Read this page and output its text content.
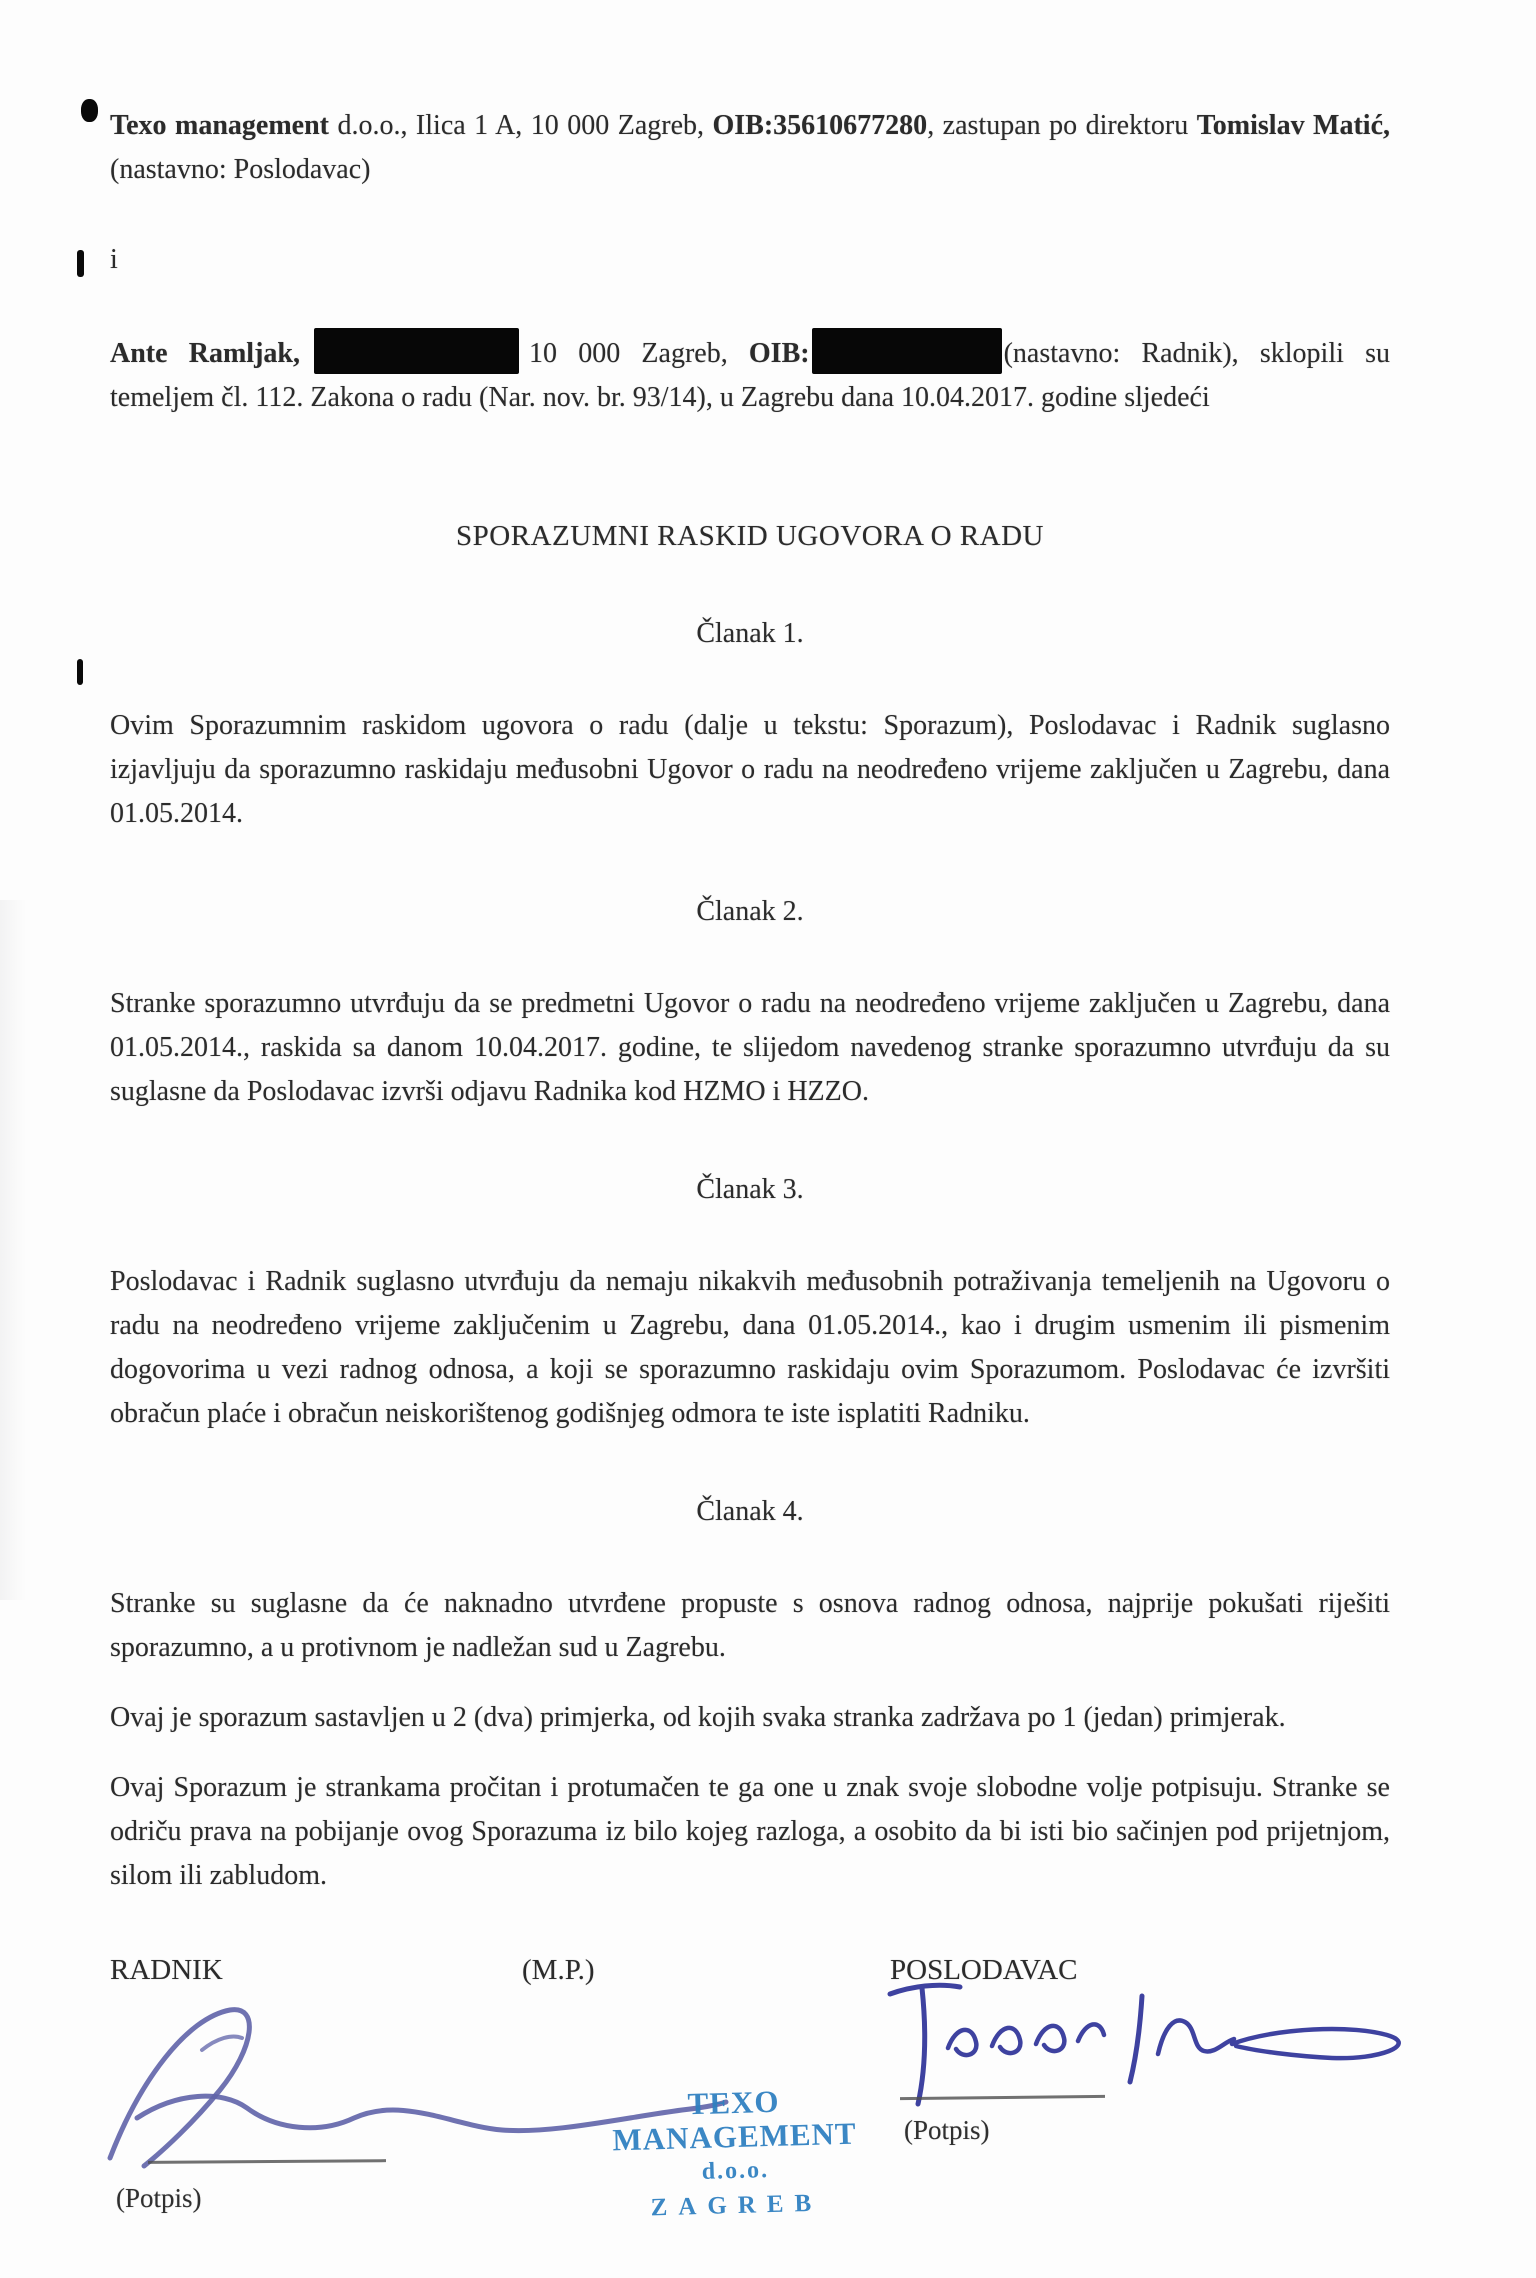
Texo management d.o.o., Ilica 1 A, 10 000 Zagreb, OIB:35610677280, zastupan po direktoru Tomislav Matić, (nastavno: Poslodavac)

i

Ante Ramljak,	10 000 Zagreb, OIB:	(nastavno: Radnik), sklopili su temeljem čl. 112. Zakona o radu (Nar. nov. br. 93/14), u Zagrebu dana 10.04.2017. godine sljedeći

SPORAZUMNI RASKID UGOVORA O RADU

Članak 1.

Ovim Sporazumnim raskidom ugovora o radu (dalje u tekstu: Sporazum), Poslodavac i Radnik suglasno izjavljuju da sporazumno raskidaju međusobni Ugovor o radu na neodređeno vrijeme zaključen u Zagrebu, dana 01.05.2014.

Članak 2.

Stranke sporazumno utvrđuju da se predmetni Ugovor o radu na neodređeno vrijeme zaključen u Zagrebu, dana 01.05.2014., raskida sa danom 10.04.2017. godine, te slijedom navedenog stranke sporazumno utvrđuju da su suglasne da Poslodavac izvrši odjavu Radnika kod HZMO i HZZO.

Članak 3.

Poslodavac i Radnik suglasno utvrđuju da nemaju nikakvih međusobnih potraživanja temeljenih na Ugovoru o radu na neodređeno vrijeme zaključenim u Zagrebu, dana 01.05.2014., kao i drugim usmenim ili pismenim dogovorima u vezi radnog odnosa, a koji se sporazumno raskidaju ovim Sporazumom. Poslodavac će izvršiti obračun plaće i obračun neiskorištenog godišnjeg odmora te iste isplatiti Radniku.

Članak 4.

Stranke su suglasne da će naknadno utvrđene propuste s osnova radnog odnosa, najprije pokušati riješiti sporazumno, a u protivnom je nadležan sud u Zagrebu.

Ovaj je sporazum sastavljen u 2 (dva) primjerka, od kojih svaka stranka zadržava po 1 (jedan) primjerak.

Ovaj Sporazum je strankama pročitan i protumačen te ga one u znak svoje slobodne volje potpisuju. Stranke se odriču prava na pobijanje ovog Sporazuma iz bilo kojeg razloga, a osobito da bi isti bio sačinjen pod prijetnjom, silom ili zabludom.

RADNIK	(M.P.)	POSLODAVAC
(Potpis)
(Potpis)
TEXO MANAGEMENT
d.o.o.
ZAGREB
